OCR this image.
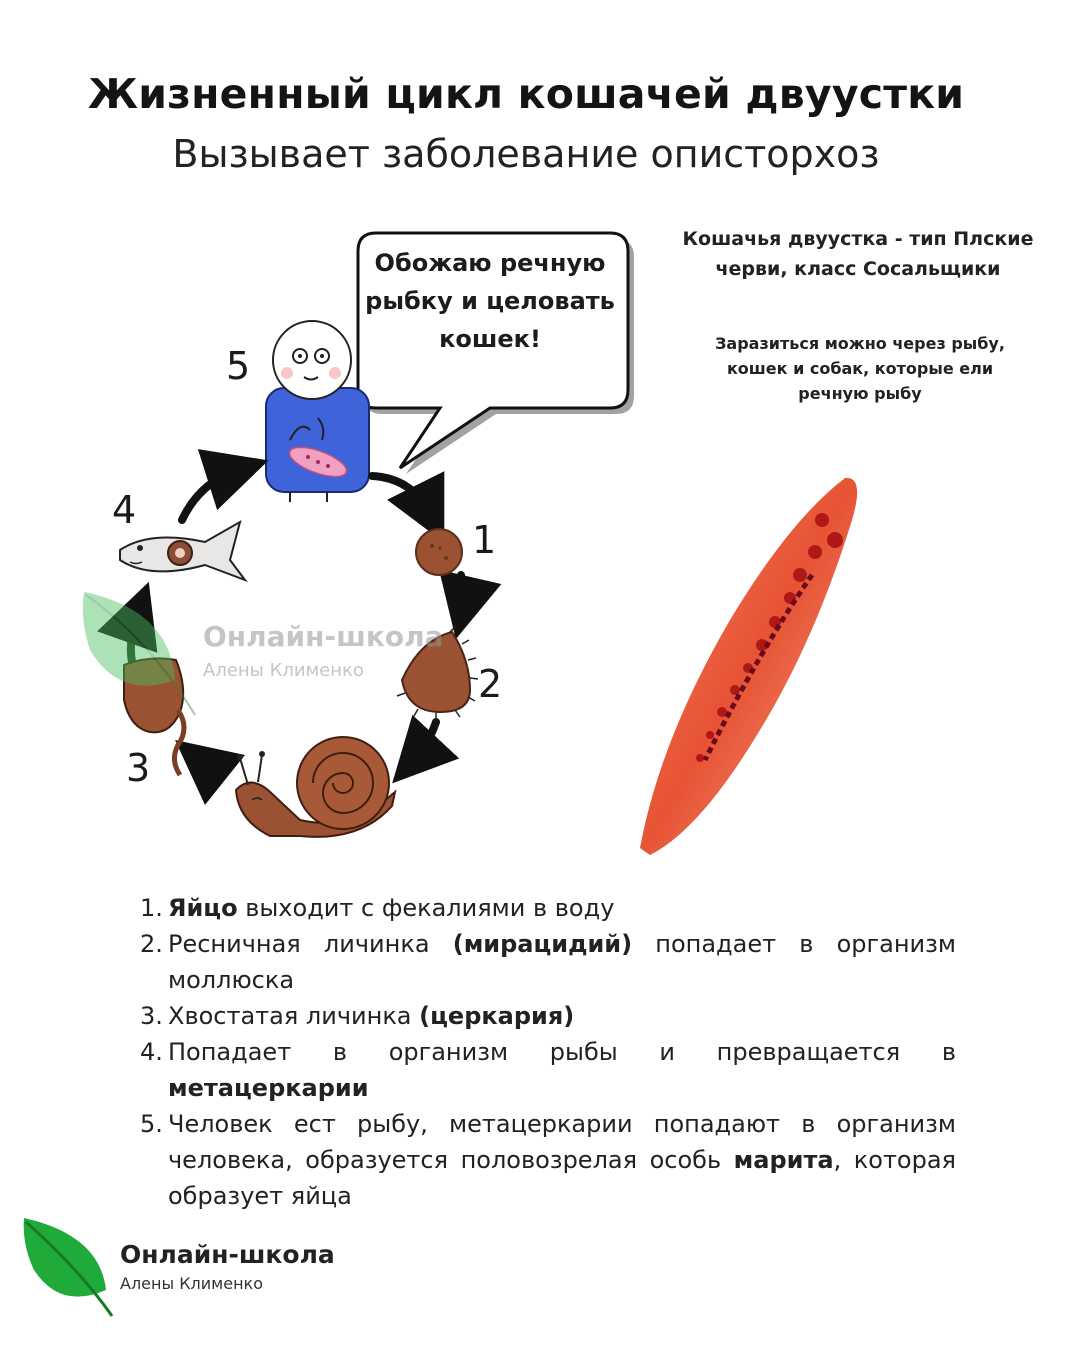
Жизненный цикл кошачей двуустки
Вызывает заболевание описторхоз
Кошачья двуустка - тип Плские черви, класс Сосальщики
Заразиться можно через рыбу, кошек и собак, которые ели речную рыбу
Обожаю речную рыбку и целовать кошек!
1
2
3
4
5
Онлайн-школа
Алены Клименко
1. Яйцо выходит с фекалиями в воду
2. Ресничная личинка (мирацидий) попадает в организм моллюска
3. Хвостатая личинка (церкария)
4. Попадает в организм рыбы и превращается в метацеркарии
5. Человек ест рыбу, метацеркарии попадают в организм человека, образуется половозрелая особь марита, которая образует яйца
Онлайн-школа
Алены Клименко
